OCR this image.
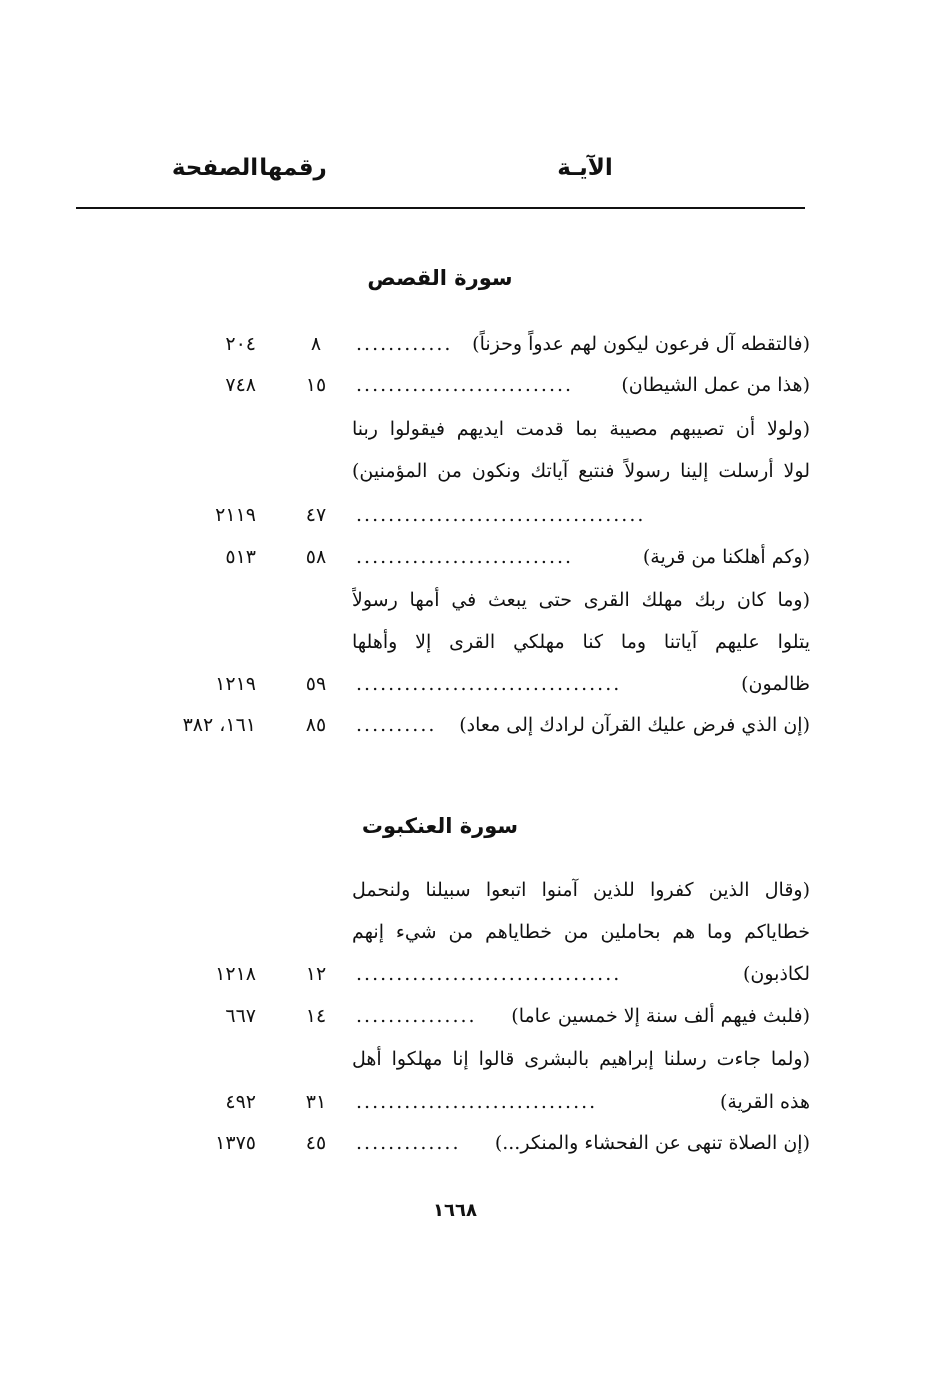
الآيـة
رقمها
الصفحة
سورة القصص
(فالتقطه آل فرعون ليكون لهم عدواً وحزناً)
............
٨
٢٠٤
(هذا من عمل الشيطان)
...........................
١٥
٧٤٨
(ولولا أن تصيبهم مصيبة بما قدمت ايديهم فيقولوا ربنا
لولا أرسلت إلينا رسولاً فنتبع آياتك ونكون من المؤمنين)
....................................
٤٧
٢١١٩
(وكم أهلكنا من قرية)
...........................
٥٨
٥١٣
(وما كان ربك مهلك القرى حتى يبعث في أمها رسولاً
يتلوا عليهم آياتنا وما كنا مهلكي القرى إلا وأهلها
ظالمون)
.................................
٥٩
١٢١٩
(إن الذي فرض عليك القرآن لرادك إلى معاد)
..........
٨٥
١٦١، ٣٨٢
سورة العنكبوت
(وقال الذين كفروا للذين آمنوا اتبعوا سبيلنا ولنحمل
خطاياكم وما هم بحاملين من خطاياهم من شيء إنهم
لكاذبون)
.................................
١٢
١٢١٨
(فلبث فيهم ألف سنة إلا خمسين عاما)
...............
١٤
٦٦٧
(ولما جاءت رسلنا إبراهيم بالبشرى قالوا إنا مهلكوا أهل
هذه القرية)
..............................
٣١
٤٩٢
(إن الصلاة تنهى عن الفحشاء والمنكر...)
.............
٤٥
١٣٧٥
١٦٦٨
